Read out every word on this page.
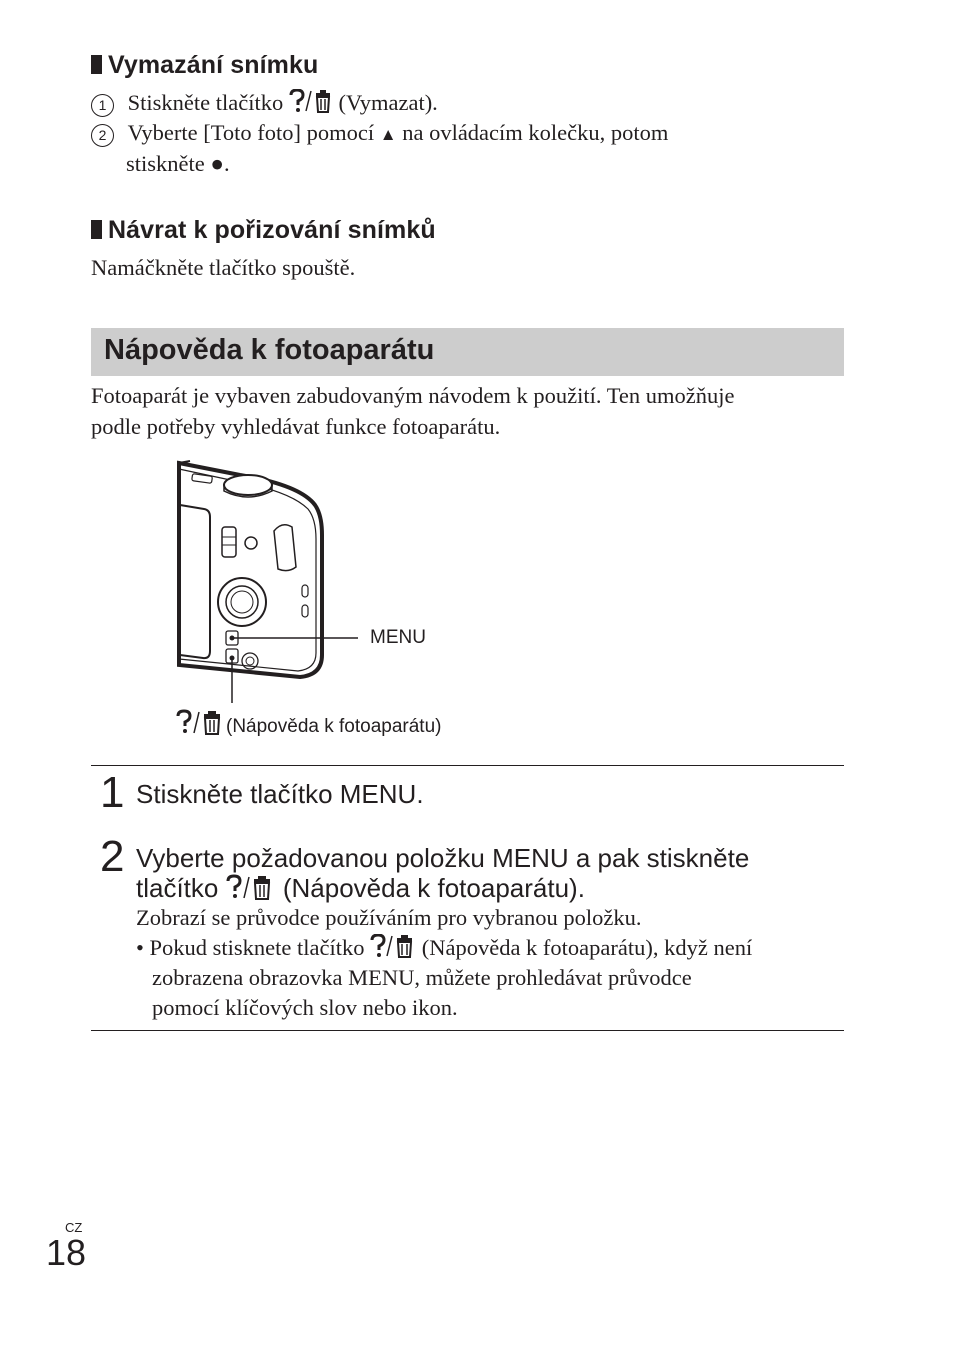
Vymazání snímku
1 Stiskněte tlačítko (Vymazat).
2 Vyberte [Toto foto] pomocí ▲ na ovládacím kolečku, potom
stiskněte ●.
Návrat k pořizování snímků
Namáčkněte tlačítko spouště.
Nápověda k fotoaparátu
Fotoaparát je vybaven zabudovaným návodem k použití. Ten umožňuje
podle potřeby vyhledávat funkce fotoaparátu.
MENU
(Nápověda k fotoaparátu)
1 Stiskněte tlačítko MENU.
2 Vyberte požadovanou položku MENU a pak stiskněte
tlačítko (Nápověda k fotoaparátu).
Zobrazí se průvodce používáním pro vybranou položku.
• Pokud stisknete tlačítko	(Nápověda k fotoaparátu), když není
zobrazena obrazovka MENU, můžete prohledávat průvodce
pomocí klíčových slov nebo ikon.
CZ
18
